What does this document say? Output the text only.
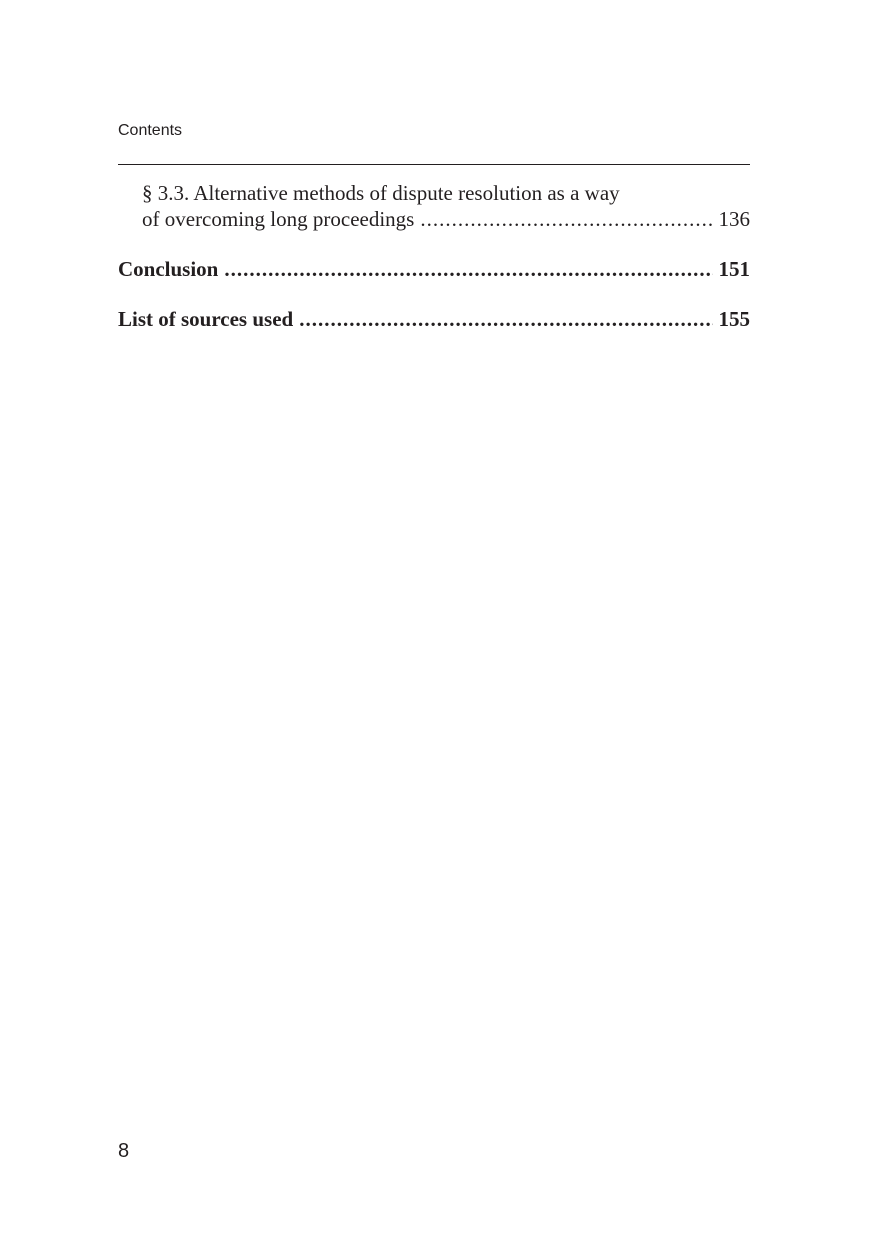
Contents
§ 3.3. Alternative methods of dispute resolution as a way
of overcoming long proceedings .....	136
Conclusion .....	151
List of sources used .....	155
8
